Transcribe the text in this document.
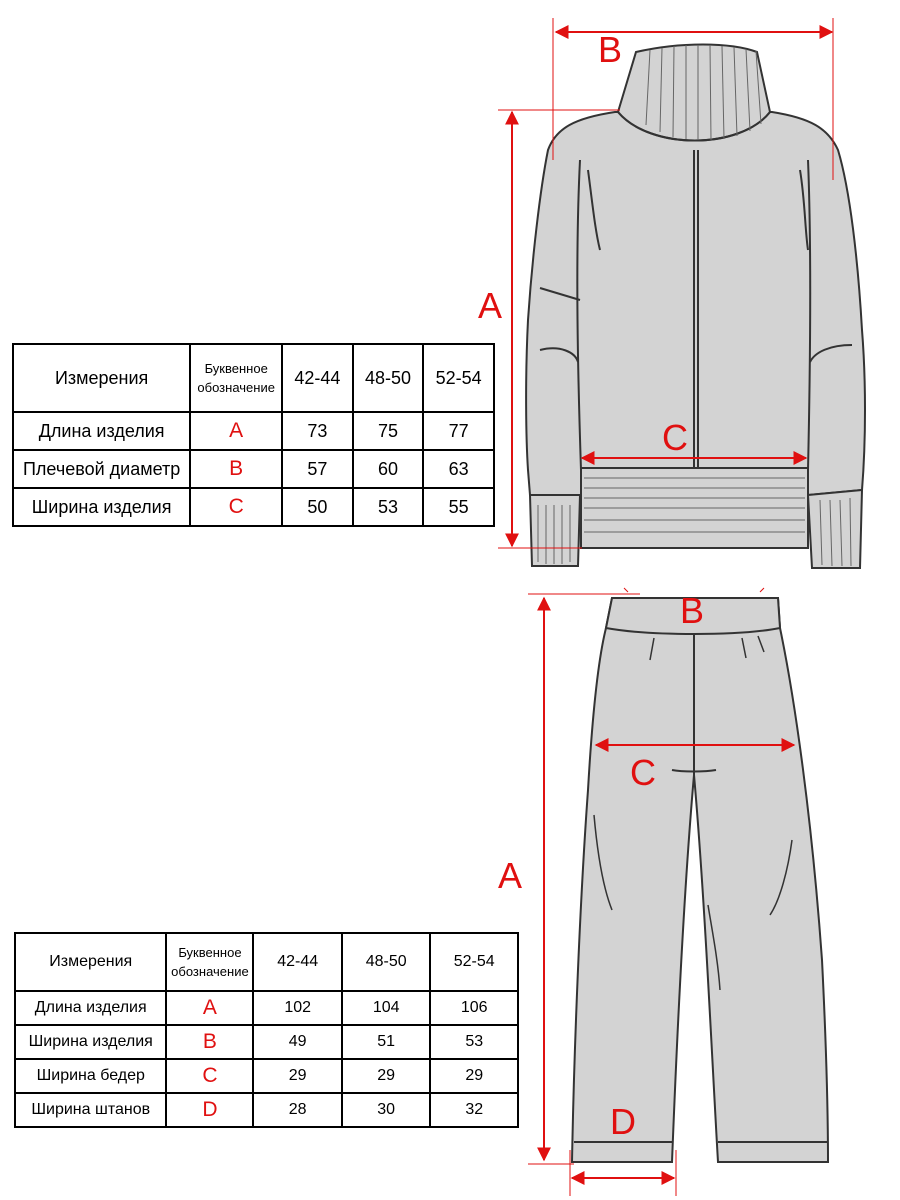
B
A
C
B
C
A
D
Измерения	Буквенное обозначение	42-44	48-50	52-54
Длина изделия	A	73	75	77
Плечевой диаметр	B	57	60	63
Ширина изделия	C	50	53	55
Измерения	Буквенное обозначение	42-44	48-50	52-54
Длина изделия	A	102	104	106
Ширина изделия	B	49	51	53
Ширина бедер	C	29	29	29
Ширина штанов	D	28	30	32
